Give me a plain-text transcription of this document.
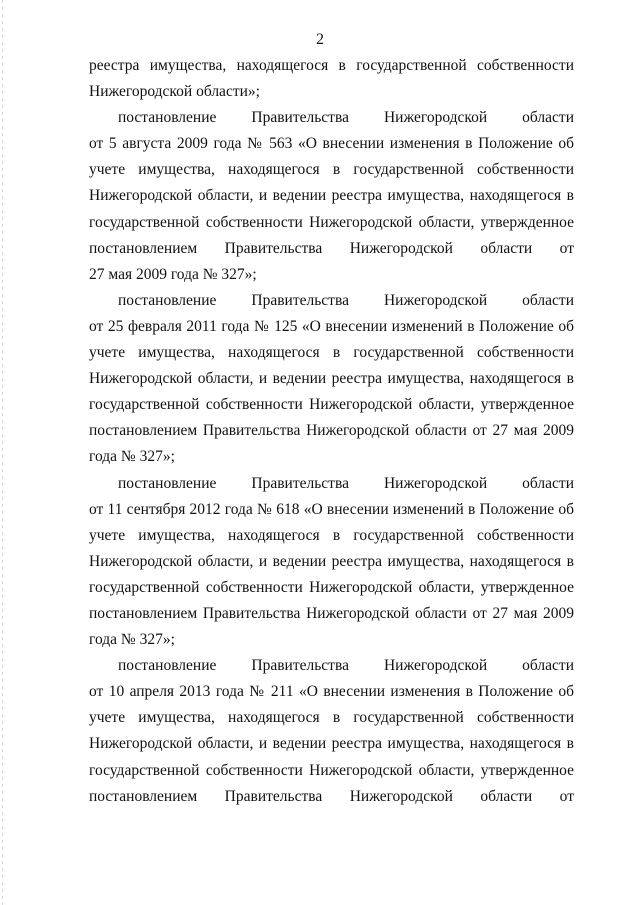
2
реестра имущества, находящегося в государственной собственности
Нижегородской области»;
постановление Правительства Нижегородской области
от 5 августа 2009 года № 563 «О внесении изменения в Положение об
учете имущества, находящегося в государственной собственности
Нижегородской области, и ведении реестра имущества, находящегося в
государственной собственности Нижегородской области, утвержденное
постановлением Правительства Нижегородской области от
27 мая 2009 года № 327»;
постановление Правительства Нижегородской области
от 25 февраля 2011 года № 125 «О внесении изменений в Положение об
учете имущества, находящегося в государственной собственности
Нижегородской области, и ведении реестра имущества, находящегося в
государственной собственности Нижегородской области, утвержденное
постановлением Правительства Нижегородской области от 27 мая 2009
года № 327»;
постановление Правительства Нижегородской области
от 11 сентября 2012 года № 618 «О внесении изменений в Положение об
учете имущества, находящегося в государственной собственности
Нижегородской области, и ведении реестра имущества, находящегося в
государственной собственности Нижегородской области, утвержденное
постановлением Правительства Нижегородской области от 27 мая 2009
года № 327»;
постановление Правительства Нижегородской области
от 10 апреля 2013 года № 211 «О внесении изменения в Положение об
учете имущества, находящегося в государственной собственности
Нижегородской области, и ведении реестра имущества, находящегося в
государственной собственности Нижегородской области, утвержденное
постановлением Правительства Нижегородской области от
